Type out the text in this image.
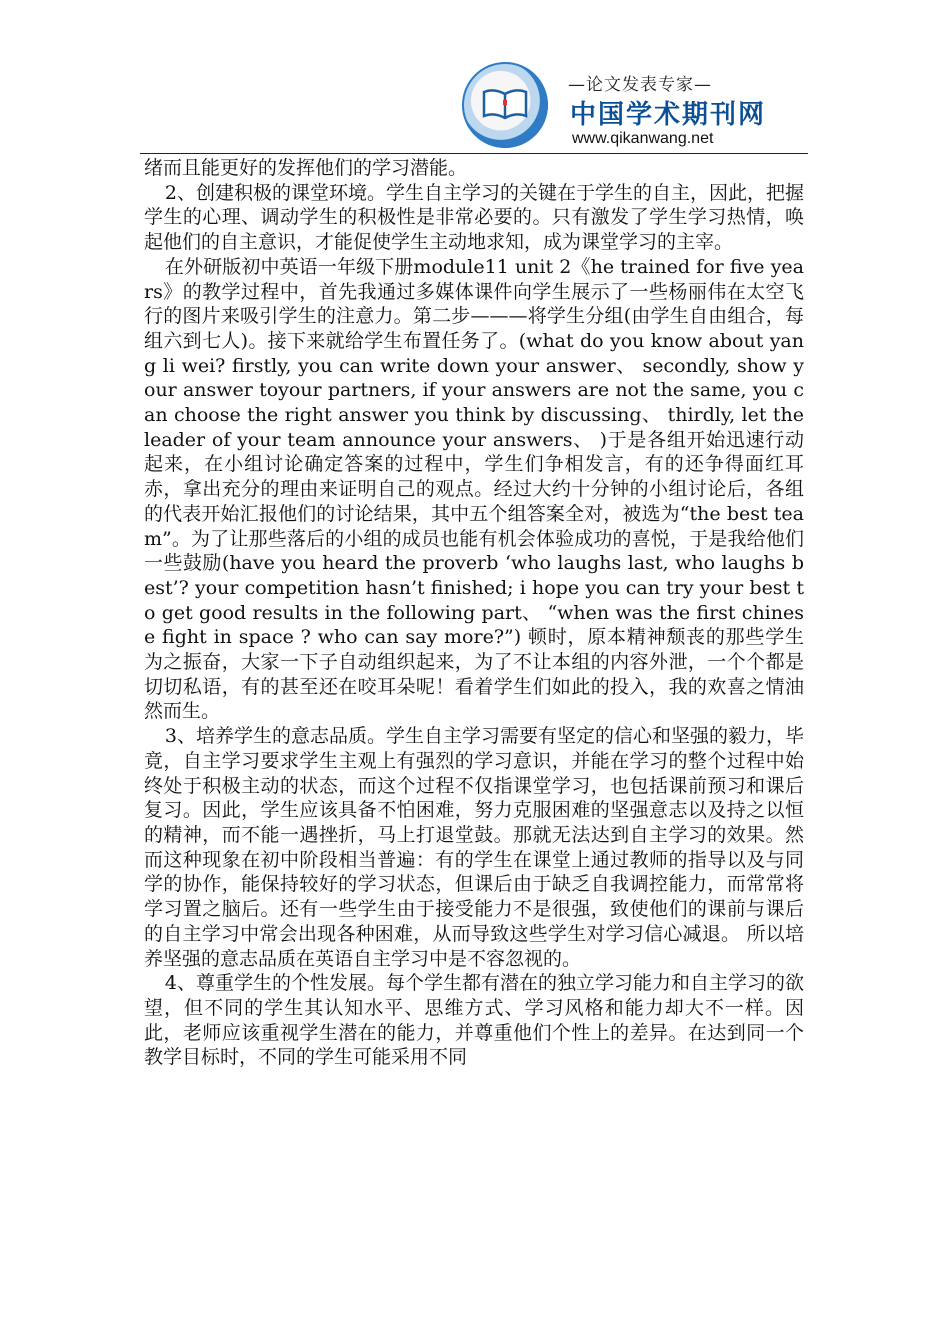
—论文发表专家—
中国学术期刊网
www.qikanwang.net

绪而且能更好的发挥他们的学习潜能。

2、创建积极的课堂环境。学生自主学习的关键在于学生的自主，因此，把握学生的心理、调动学生的积极性是非常必要的。只有激发了学生学习热情，唤起他们的自主意识，才能促使学生主动地求知，成为课堂学习的主宰。

在外研版初中英语一年级下册module11 unit 2《he trained for five years》的教学过程中，首先我通过多媒体课件向学生展示了一些杨丽伟在太空飞行的图片来吸引学生的注意力。第二步———将学生分组(由学生自由组合，每组六到七人)。接下来就给学生布置任务了。(what do you know about yang li wei? firstly, you can write down your answer、 secondly, show your answer toyour partners, if your answers are not the same, you can choose the right answer you think by discussing、 thirdly, let the leader of your team announce your answers、 )于是各组开始迅速行动起来，在小组讨论确定答案的过程中，学生们争相发言，有的还争得面红耳赤，拿出充分的理由来证明自己的观点。经过大约十分钟的小组讨论后，各组的代表开始汇报他们的讨论结果，其中五个组答案全对，被选为“the best team”。为了让那些落后的小组的成员也能有机会体验成功的喜悦，于是我给他们一些鼓励(have you heard the proverb ‘who laughs last, who laughs best’? your competition hasn’t finished; i hope you can try your best to get good results in the following part、 “when was the first chinese fight in space ? who can say more?”) 顿时，原本精神颓丧的那些学生为之振奋，大家一下子自动组织起来，为了不让本组的内容外泄，一个个都是切切私语，有的甚至还在咬耳朵呢！看着学生们如此的投入，我的欢喜之情油然而生。

3、培养学生的意志品质。学生自主学习需要有坚定的信心和坚强的毅力，毕竟，自主学习要求学生主观上有强烈的学习意识，并能在学习的整个过程中始终处于积极主动的状态，而这个过程不仅指课堂学习，也包括课前预习和课后复习。因此，学生应该具备不怕困难，努力克服困难的坚强意志以及持之以恒的精神，而不能一遇挫折，马上打退堂鼓。那就无法达到自主学习的效果。然而这种现象在初中阶段相当普遍：有的学生在课堂上通过教师的指导以及与同学的协作，能保持较好的学习状态，但课后由于缺乏自我调控能力，而常常将学习置之脑后。还有一些学生由于接受能力不是很强，致使他们的课前与课后的自主学习中常会出现各种困难，从而导致这些学生对学习信心减退。 所以培养坚强的意志品质在英语自主学习中是不容忽视的。

4、尊重学生的个性发展。每个学生都有潜在的独立学习能力和自主学习的欲望，但不同的学生其认知水平、思维方式、学习风格和能力却大不一样。因此，老师应该重视学生潜在的能力，并尊重他们个性上的差异。在达到同一个教学目标时，不同的学生可能采用不同
